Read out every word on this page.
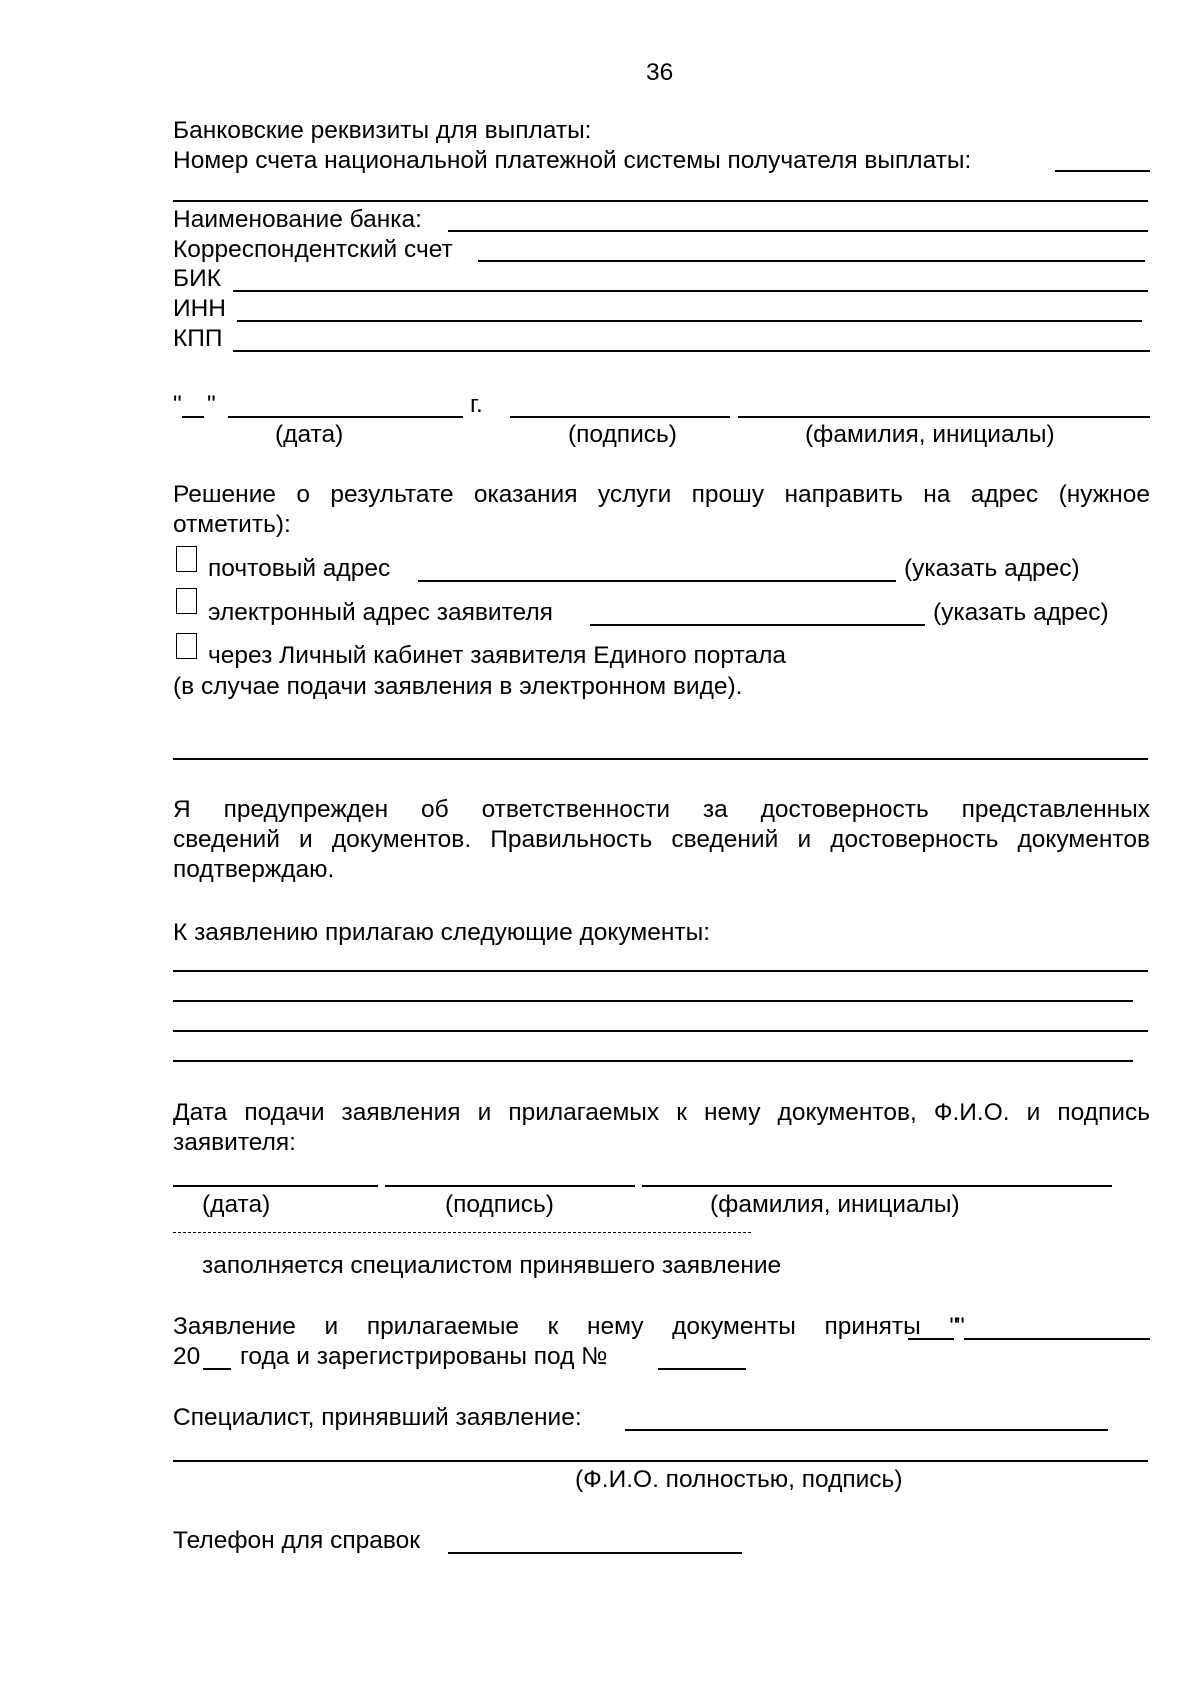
36
Банковские реквизиты для выплаты:
Номер счета национальной платежной системы получателя выплаты:
Наименование банка:
Корреспондентский счет
БИК
ИНН
КПП
" "	г.
(дата)	(подпись)	(фамилия, инициалы)
Решение о результате оказания услуги прошу направить на адрес (нужное
отметить):
почтовый адрес	(указать адрес)
электронный адрес заявителя	(указать адрес)
через Личный кабинет заявителя Единого портала
(в случае подачи заявления в электронном виде).
Я предупрежден об ответственности за достоверность представленных
сведений и документов. Правильность сведений и достоверность документов
подтверждаю.
К заявлению прилагаю следующие документы:
Дата подачи заявления и прилагаемых к нему документов, Ф.И.О. и подпись
заявителя:
(дата)	(подпись)	(фамилия, инициалы)
заполняется специалистом принявшего заявление
Заявление и прилагаемые к нему документы приняты "
"
20 года и зарегистрированы под №
Специалист, принявший заявление:
(Ф.И.О. полностью, подпись)
Телефон для справок
